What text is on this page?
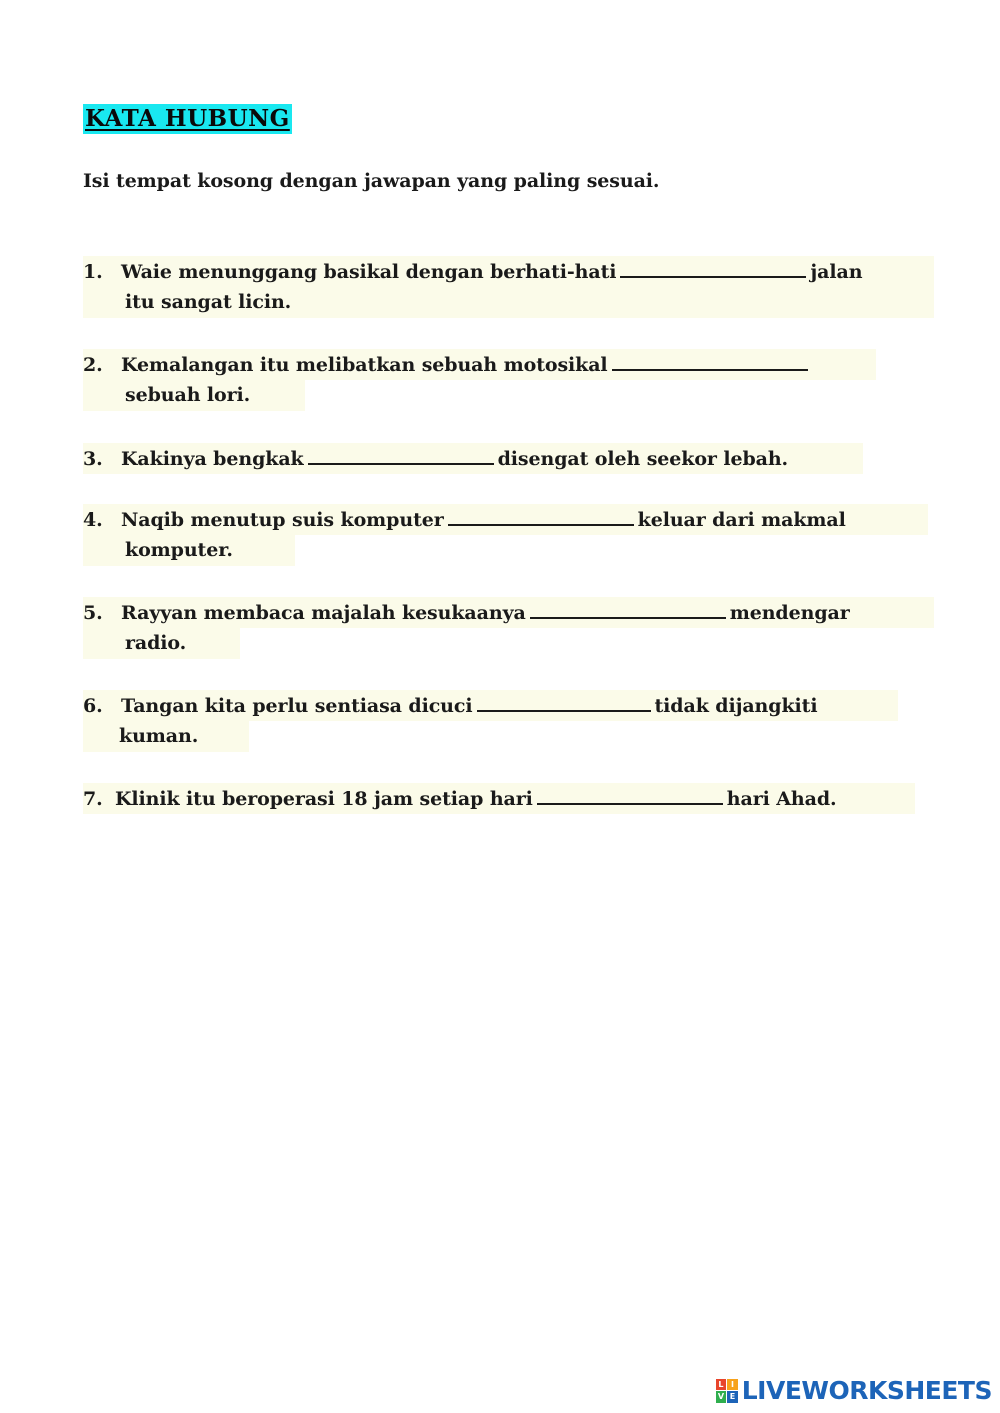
KATA HUBUNG
Isi tempat kosong dengan jawapan yang paling sesuai.
1. Waie menunggang basikal dengan berhati-hati	jalan
itu sangat licin.
2. Kemalangan itu melibatkan sebuah motosikal
sebuah lori.
3. Kakinya bengkak	disengat oleh seekor lebah.
4. Naqib menutup suis komputer	keluar dari makmal
komputer.
5. Rayyan membaca majalah kesukaanya	mendengar
radio.
6. Tangan kita perlu sentiasa dicuci	tidak dijangkiti
kuman.
7. Klinik itu beroperasi 18 jam setiap hari	hari Ahad.
L I
V E LIVEWORKSHEETS
